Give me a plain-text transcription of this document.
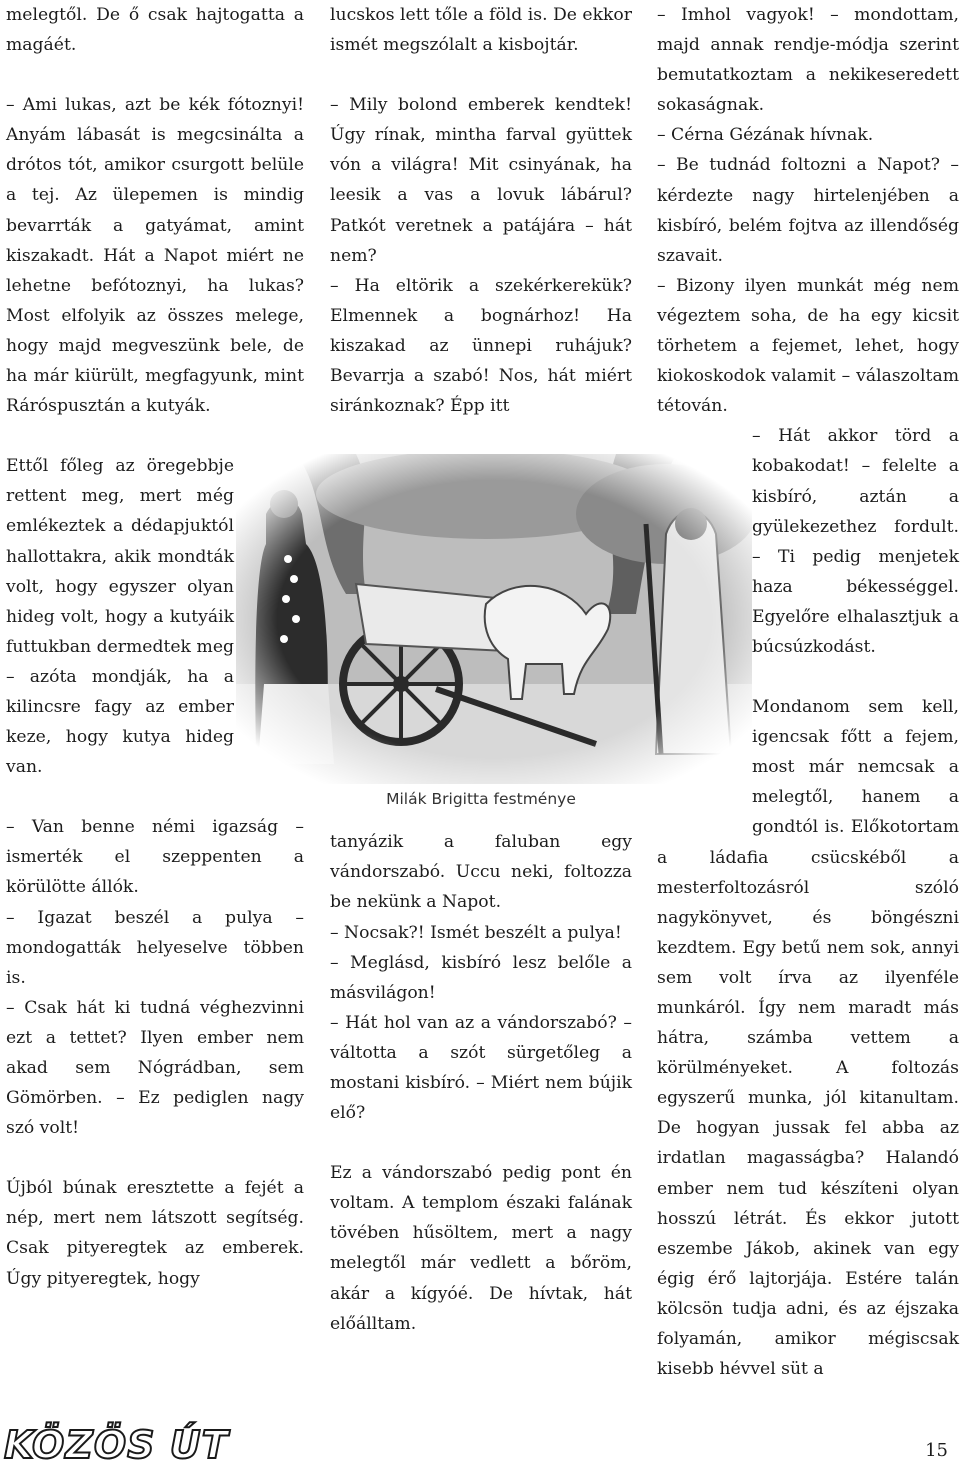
melegtől. De ő csak hajtogatta a magáét.

– Ami lukas, azt be kék fótoznyi! Anyám lábasát is megcsinálta a drótos tót, amikor csurgott belüle a tej. Az ülepemen is mindig bevarrták a gatyámat, amint kiszakadt. Hát a Napot miért ne lehetne befótoznyi, ha lukas? Most elfolyik az összes melege, hogy majd megveszünk bele, de ha már kiürült, megfagyunk, mint Ráróspusztán a kutyák.

Ettől főleg az öregebbje rettent meg, mert még emlékeztek a dédapjuktól hallottakra, akik mondták volt, hogy egyszer olyan hideg volt, hogy a kutyáik futtukban dermedtek meg – azóta mondják, ha a kilincsre fagy az ember keze, hogy kutya hideg van.

– Van benne némi igazság – ismerték el szeppenten a körülötte állók.

– Igazat beszél a pulya – mondogatták helyeselve többen is.

– Csak hát ki tudná véghezvinni ezt a tettet? Ilyen ember nem akad sem Nógrádban, sem Gömörben. – Ez pediglen nagy szó volt!

Újból búnak eresztette a fejét a nép, mert nem látszott segítség. Csak pityeregtek az emberek. Úgy pityeregtek, hogy

lucskos lett tőle a föld is. De ekkor ismét megszólalt a kisbojtár.

– Mily bolond emberek kendtek! Úgy rínak, mintha farval gyüttek vón a világra! Mit csinyának, ha leesik a vas a lovuk lábárul? Patkót veretnek a patájára – hát nem?

– Ha eltörik a szekérkerekük? Elmennek a bognárhoz! Ha kiszakad az ünnepi ruhájuk? Bevarrja a szabó! Nos, hát miért siránkoznak? Épp itt

tanyázik a faluban egy vándorszabó. Uccu neki, foltozza be nekünk a Napot.

– Nocsak?! Ismét beszélt a pulya!

– Meglásd, kisbíró lesz belőle a másvilágon!

– Hát hol van az a vándorszabó? – váltotta a szót sürgetőleg a mostani kisbíró. – Miért nem bújik elő?

Ez a vándorszabó pedig pont én voltam. A templom északi falának tövében hűsöltem, mert a nagy melegtől már vedlett a bőröm, akár a kígyóé. De hívtak, hát előálltam.

– Imhol vagyok! – mondottam, majd annak rendje-módja szerint bemutatkoztam a nekikeseredett sokaságnak.

– Cérna Gézának hívnak.

– Be tudnád foltozni a Napot? – kérdezte nagy hirtelenjében a kisbíró, belém fojtva az illendőség szavait.

– Bizony ilyen munkát még nem végeztem soha, de ha egy kicsit törhetem a fejemet, lehet, hogy kiokoskodok valamit – válaszoltam tétován.

– Hát akkor törd a kobakodat! – felelte a kisbíró, aztán a gyülekezethez fordult. – Ti pedig menjetek haza békességgel. Egyelőre elhalasztjuk a búcsúzkodást.

Mondanom sem kell, igencsak főtt a fejem, most már nemcsak a melegtől, hanem a gondtól is. Előkotortam a ládafia csücskéből a mesterfoltozásról szóló nagykönyvet, és böngészni kezdtem. Egy betű nem sok, annyi sem volt írva az ilyenféle munkáról. Így nem maradt más hátra, számba vettem a körülményeket. A foltozás egyszerű munka, jól kitanultam. De hogyan jussak fel abba az irdatlan magasságba? Halandó ember nem tud készíteni olyan hosszú létrát. És ekkor jutott eszembe Jákob, akinek van egy égig érő lajtorjája. Estére talán kölcsön tudja adni, és az éjszaka folyamán, amikor mégiscsak kisebb hévvel süt a

Milák Brigitta festménye
KÖZÖS ÚT	15
